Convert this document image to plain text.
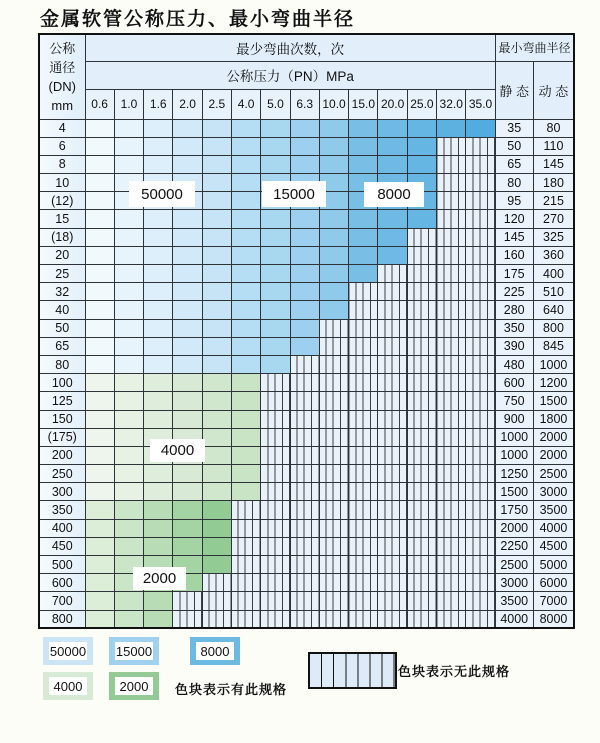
金属软管公称压力、最小弯曲半径
公称
通径
(DN)
mm	最少弯曲次数，次														最小弯曲半径	
	公称压力（PN）MPa														静 态	动 态
	0.6	1.0	1.6	2.0	2.5	4.0	5.0	6.3	10.0	15.0	20.0	25.0	32.0	35.0		
4															35	80
6															50	110
8															65	145
10															80	180
(12)															95	215
15															120	270
(18)															145	325
20															160	360
25															175	400
32															225	510
40															280	640
50															350	800
65															390	845
80															480	1000
100															600	1200
125															750	1500
150															900	1800
(175)															1000	2000
200															1000	2000
250															1250	2500
300															1500	3000
350															1750	3500
400															2000	4000
450															2250	4500
500															2500	5000
600															3000	6000
700															3500	7000
800															4000	8000
50000	15000	8000
4000
2000
色块表示有此规格
色块表示无此规格
50000 15000	8000
4000	2000
